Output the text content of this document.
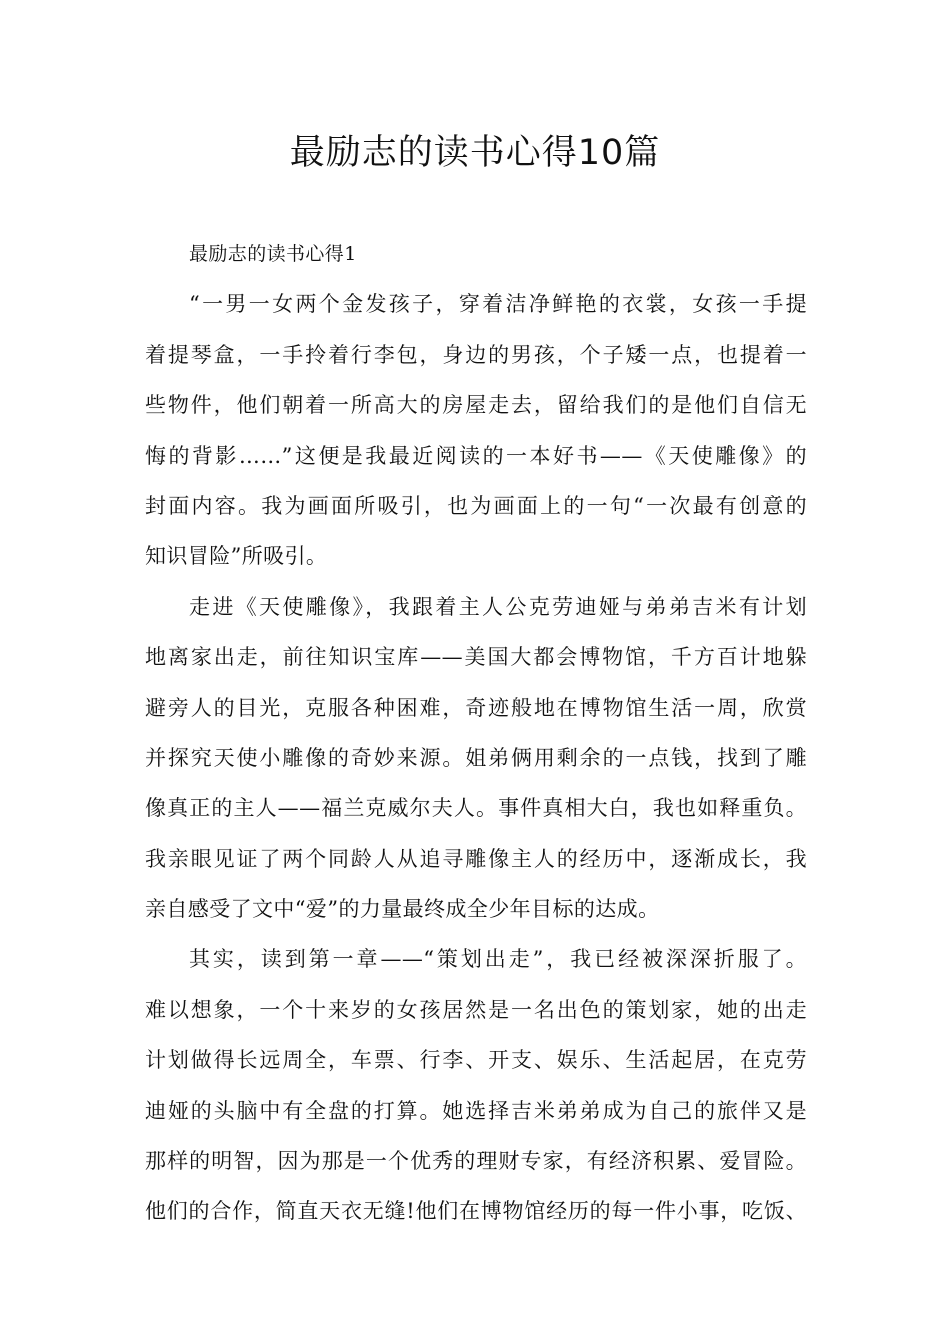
最励志的读书心得10篇
最励志的读书心得1
“一男一女两个金发孩子，穿着洁净鲜艳的衣裳，女孩一手提
着提琴盒，一手拎着行李包，身边的男孩，个子矮一点，也提着一
些物件，他们朝着一所高大的房屋走去，留给我们的是他们自信无
悔的背影……”这便是我最近阅读的一本好书——《天使雕像》的
封面内容。我为画面所吸引，也为画面上的一句“一次最有创意的
知识冒险”所吸引。
走进《天使雕像》，我跟着主人公克劳迪娅与弟弟吉米有计划
地离家出走，前往知识宝库——美国大都会博物馆，千方百计地躲
避旁人的目光，克服各种困难，奇迹般地在博物馆生活一周，欣赏
并探究天使小雕像的奇妙来源。姐弟俩用剩余的一点钱，找到了雕
像真正的主人——福兰克威尔夫人。事件真相大白，我也如释重负。
我亲眼见证了两个同龄人从追寻雕像主人的经历中，逐渐成长，我
亲自感受了文中“爱”的力量最终成全少年目标的达成。
其实，读到第一章——“策划出走”，我已经被深深折服了。
难以想象，一个十来岁的女孩居然是一名出色的策划家，她的出走
计划做得长远周全，车票、行李、开支、娱乐、生活起居，在克劳
迪娅的头脑中有全盘的打算。她选择吉米弟弟成为自己的旅伴又是
那样的明智，因为那是一个优秀的理财专家，有经济积累、爱冒险。
他们的合作，简直天衣无缝!他们在博物馆经历的每一件小事，吃饭、
